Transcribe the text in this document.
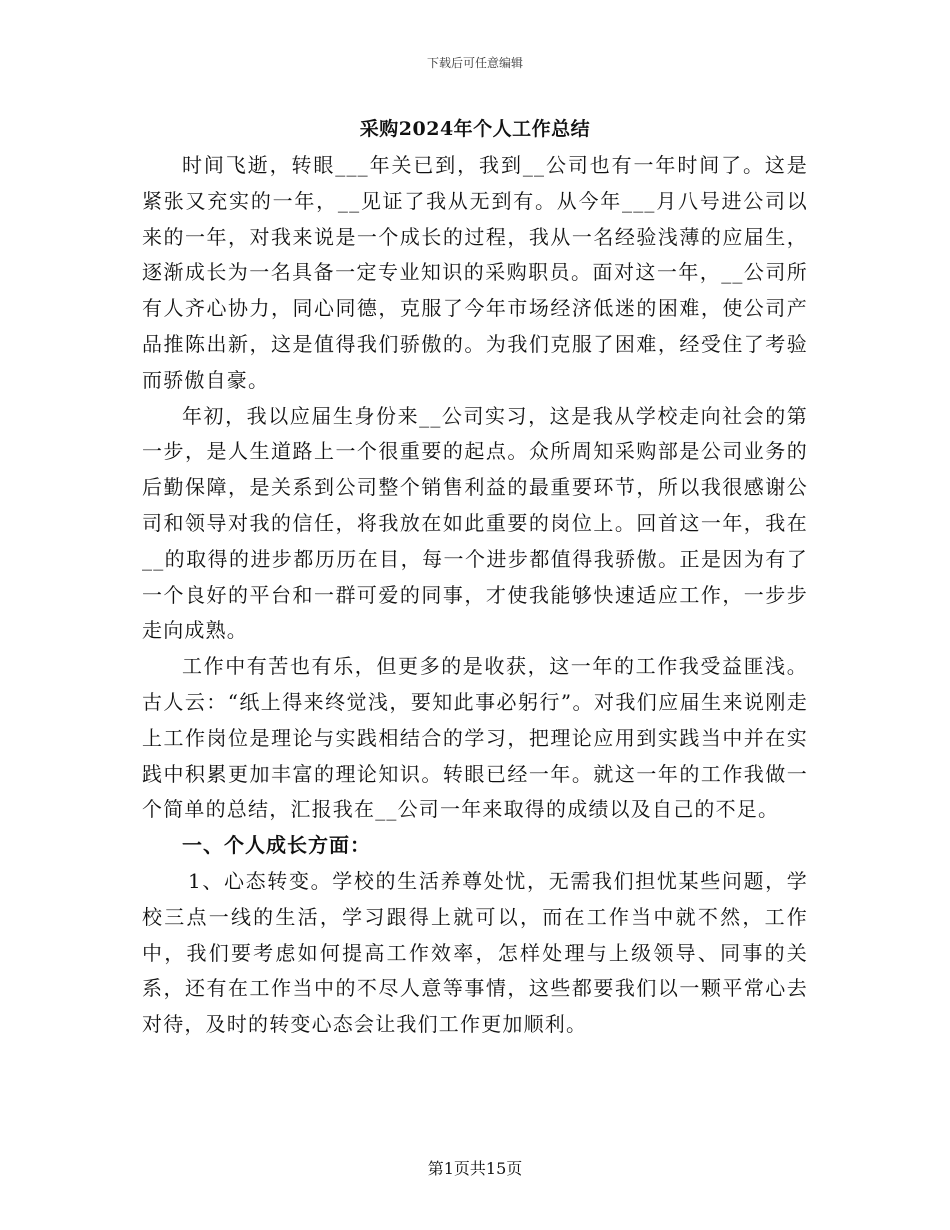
下载后可任意编辑
采购2024年个人工作总结

时间飞逝，转眼___年关已到，我到__公司也有一年时间了。这是紧张又充实的一年，__见证了我从无到有。从今年___月八号进公司以来的一年，对我来说是一个成长的过程，我从一名经验浅薄的应届生，逐渐成长为一名具备一定专业知识的采购职员。面对这一年，__公司所有人齐心协力，同心同德，克服了今年市场经济低迷的困难，使公司产品推陈出新，这是值得我们骄傲的。为我们克服了困难，经受住了考验而骄傲自豪。

年初，我以应届生身份来__公司实习，这是我从学校走向社会的第一步，是人生道路上一个很重要的起点。众所周知采购部是公司业务的后勤保障，是关系到公司整个销售利益的最重要环节，所以我很感谢公司和领导对我的信任，将我放在如此重要的岗位上。回首这一年，我在__的取得的进步都历历在目，每一个进步都值得我骄傲。正是因为有了一个良好的平台和一群可爱的同事，才使我能够快速适应工作，一步步走向成熟。

工作中有苦也有乐，但更多的是收获，这一年的工作我受益匪浅。古人云：“纸上得来终觉浅，要知此事必躬行”。对我们应届生来说刚走上工作岗位是理论与实践相结合的学习，把理论应用到实践当中并在实践中积累更加丰富的理论知识。转眼已经一年。就这一年的工作我做一个简单的总结，汇报我在__公司一年来取得的成绩以及自己的不足。

一、个人成长方面：

1、心态转变。学校的生活养尊处忧，无需我们担忧某些问题，学校三点一线的生活，学习跟得上就可以，而在工作当中就不然，工作中，我们要考虑如何提高工作效率，怎样处理与上级领导、同事的关系，还有在工作当中的不尽人意等事情，这些都要我们以一颗平常心去对待，及时的转变心态会让我们工作更加顺利。

第1页共15页
